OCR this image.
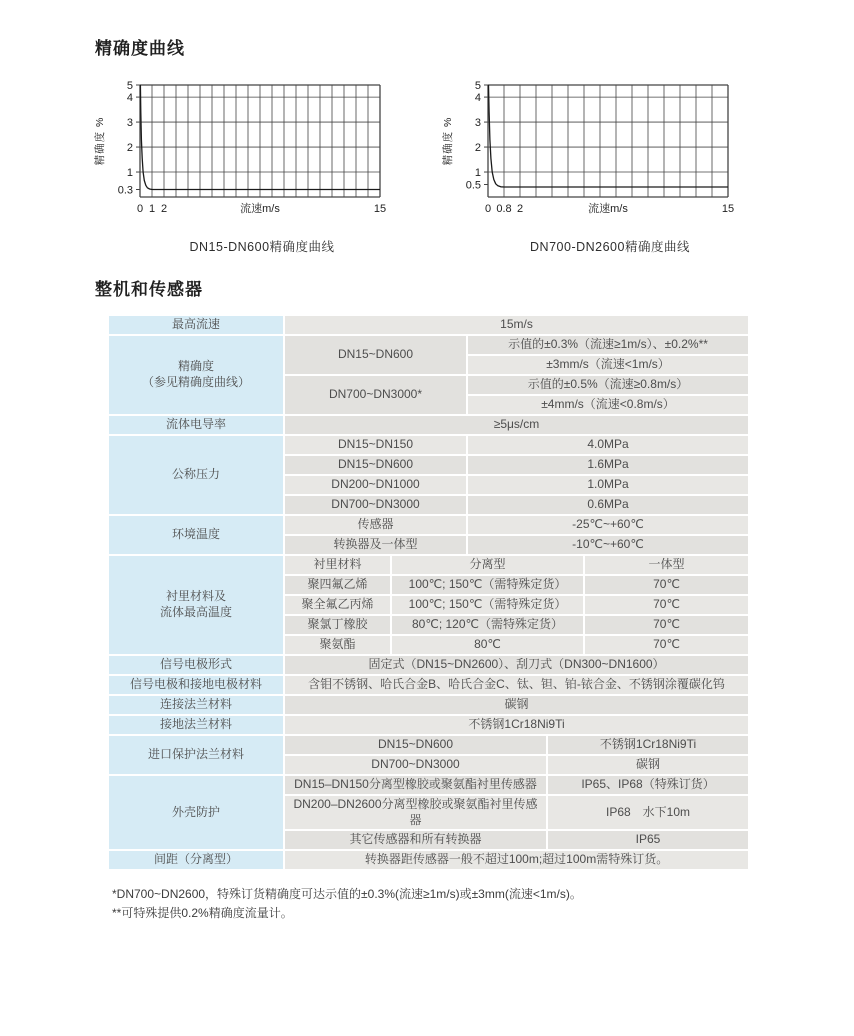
精确度曲线
5
4
3
2
1
0.3
精确度 %
0 1 2	15
流速m/s
DN15-DN600精确度曲线
5
4
3
2
1
0.5
精确度 %
0 0.8 2	15
流速m/s
DN700-DN2600精确度曲线
整机和传感器
最高流速	15m/s				

精确度
（参见精确度曲线）	DN15~DN600		示值的±0.3%（流速≥1m/s）、±0.2%**		
			±3mm/s（流速<1m/s）		
	DN700~DN3000*		示值的±0.5%（流速≥0.8m/s）		
			±4mm/s（流速<0.8m/s）		
流体电导率	≥5μs/cm				
公称压力	DN15~DN150		4.0MPa		
	DN15~DN600		1.6MPa		
	DN200~DN1000		1.0MPa		
	DN700~DN3000		0.6MPa		
环境温度	传感器		-25℃~+60℃		
	转换器及一体型		-10℃~+60℃		

衬里材料及
流体最高温度	衬里材料	分离型			一体型
	聚四氟乙烯	100℃; 150℃（需特殊定货）			70℃
	聚全氟乙丙烯	100℃; 150℃（需特殊定货）			70℃
	聚氯丁橡胶	80℃; 120℃（需特殊定货）			70℃
	聚氨酯	80℃			70℃
信号电极形式	固定式（DN15~DN2600）、刮刀式（DN300~DN1600）				
信号电极和接地电极材料	含钼不锈钢、哈氏合金B、哈氏合金C、钛、钽、铂-铱合金、不锈钢涂覆碳化钨				
连接法兰材料	碳钢				
接地法兰材料	不锈钢1Cr18Ni9Ti				
进口保护法兰材料	DN15~DN600			不锈钢1Cr18Ni9Ti	
	DN700~DN3000			碳钢	
外壳防护	DN15–DN150分离型橡胶或聚氨酯衬里传感器			IP65、IP68（特殊订货）	
	DN200–DN2600分离型橡胶或聚氨酯衬里传感器			IP68　水下10m	
	其它传感器和所有转换器			IP65	
间距（分离型）	转换器距传感器一般不超过100m;超过100m需特殊订货。				
*DN700~DN2600，特殊订货精确度可达示值的±0.3%(流速≥1m/s)或±3mm(流速<1m/s)。
**可特殊提供0.2%精确度流量计。
